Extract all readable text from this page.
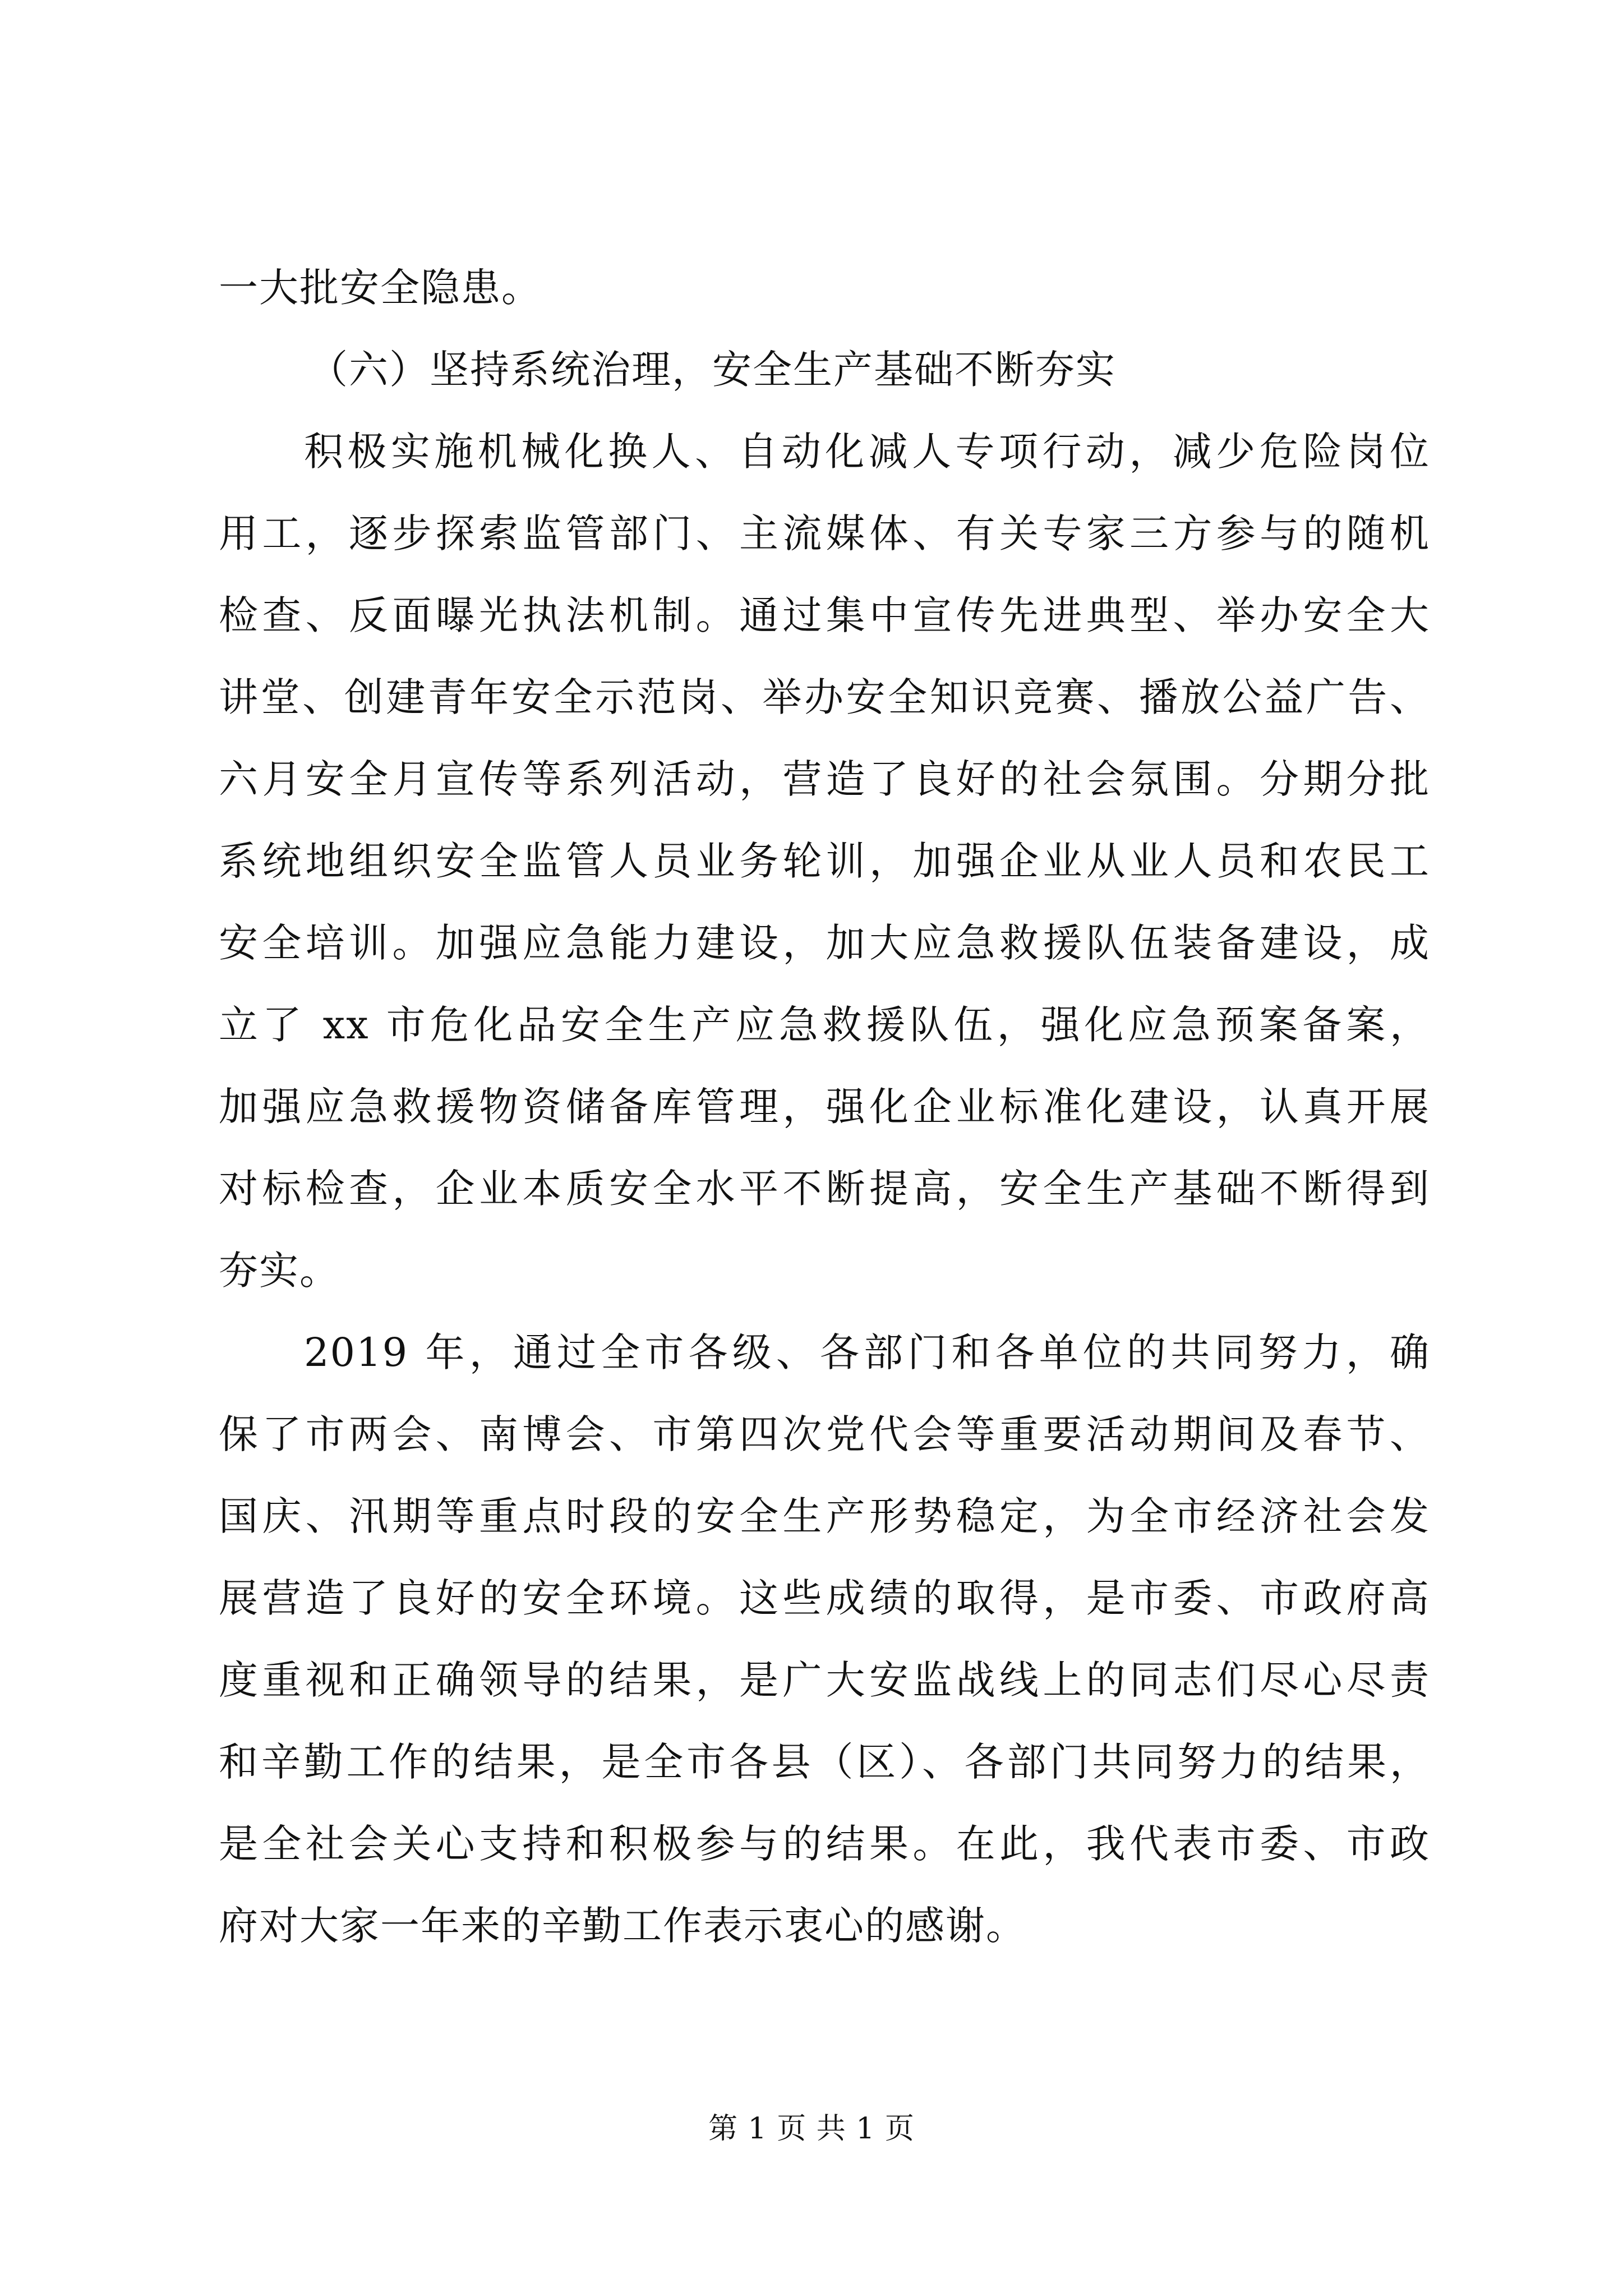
一大批安全隐患。
（六）坚持系统治理，安全生产基础不断夯实
积极实施机械化换人、自动化减人专项行动，减少危险岗位
用工，逐步探索监管部门、主流媒体、有关专家三方参与的随机
检查、反面曝光执法机制。通过集中宣传先进典型、举办安全大
讲堂、创建青年安全示范岗、举办安全知识竞赛、播放公益广告、
六月安全月宣传等系列活动，营造了良好的社会氛围。分期分批
系统地组织安全监管人员业务轮训，加强企业从业人员和农民工
安全培训。加强应急能力建设，加大应急救援队伍装备建设，成
立了 xx 市危化品安全生产应急救援队伍，强化应急预案备案，
加强应急救援物资储备库管理，强化企业标准化建设，认真开展
对标检查，企业本质安全水平不断提高，安全生产基础不断得到
夯实。
2019 年，通过全市各级、各部门和各单位的共同努力，确
保了市两会、南博会、市第四次党代会等重要活动期间及春节、
国庆、汛期等重点时段的安全生产形势稳定，为全市经济社会发
展营造了良好的安全环境。这些成绩的取得，是市委、市政府高
度重视和正确领导的结果，是广大安监战线上的同志们尽心尽责
和辛勤工作的结果，是全市各县（区）、各部门共同努力的结果，
是全社会关心支持和积极参与的结果。在此，我代表市委、市政
府对大家一年来的辛勤工作表示衷心的感谢。
第 1 页 共 1 页
